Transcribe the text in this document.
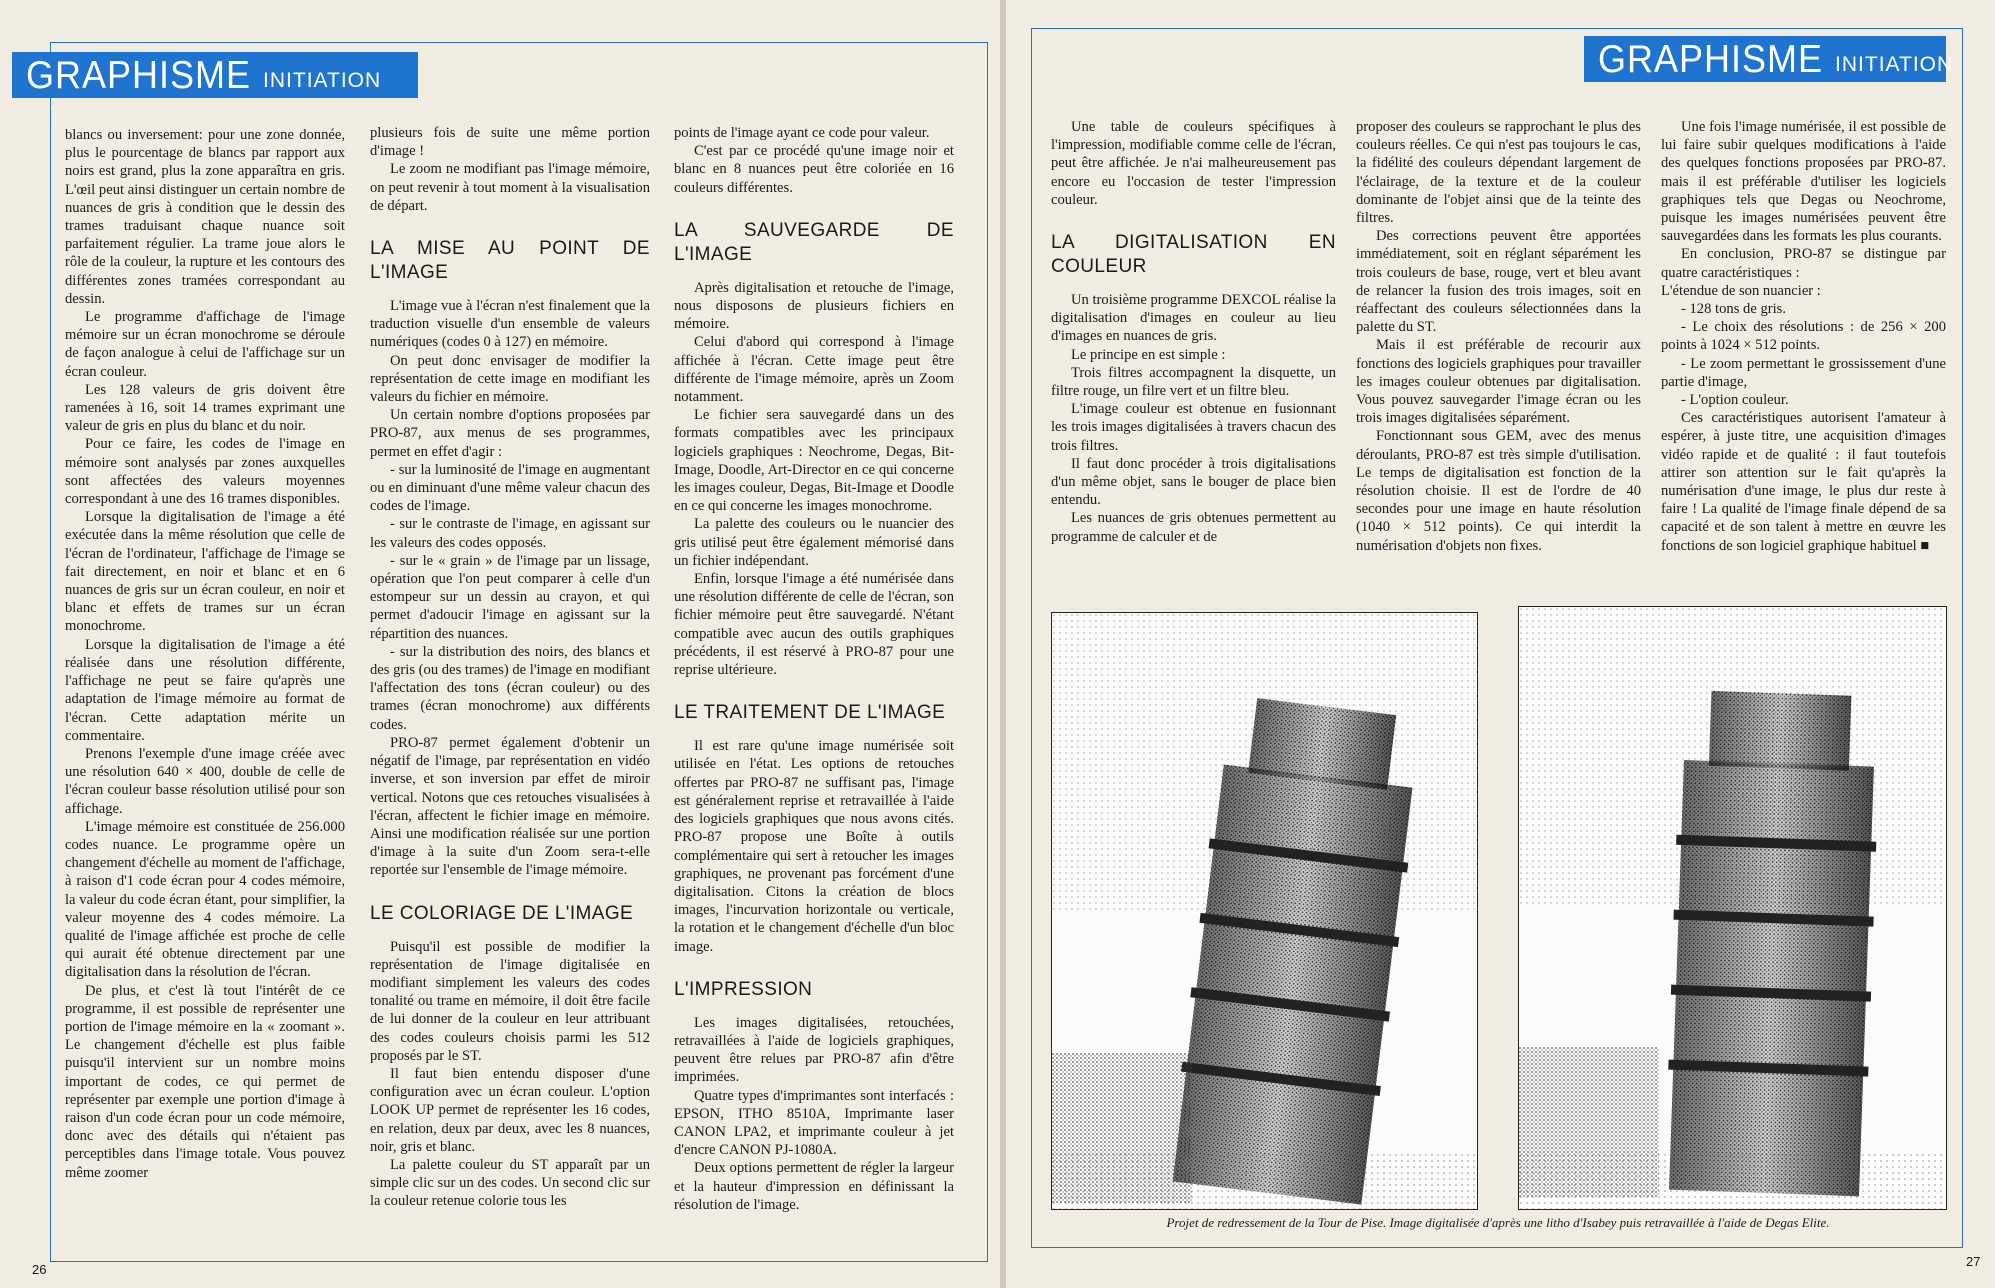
GRAPHISME INITIATION

blancs ou inversement: pour une zone donnée, plus le pourcentage de blancs par rapport aux noirs est grand, plus la zone apparaîtra en gris. L'œil peut ainsi distinguer un certain nombre de nuances de gris à condition que le dessin des trames traduisant chaque nuance soit parfaitement régulier. La trame joue alors le rôle de la couleur, la rupture et les contours des différentes zones tramées correspondant au dessin.

Le programme d'affichage de l'image mémoire sur un écran monochrome se déroule de façon analogue à celui de l'affichage sur un écran couleur.

Les 128 valeurs de gris doivent être ramenées à 16, soit 14 trames exprimant une valeur de gris en plus du blanc et du noir.

Pour ce faire, les codes de l'image en mémoire sont analysés par zones auxquelles sont affectées des valeurs moyennes correspondant à une des 16 trames disponibles.

Lorsque la digitalisation de l'image a été exécutée dans la même résolution que celle de l'écran de l'ordinateur, l'affichage de l'image se fait directement, en noir et blanc et en 6 nuances de gris sur un écran couleur, en noir et blanc et effets de trames sur un écran monochrome.

Lorsque la digitalisation de l'image a été réalisée dans une résolution différente, l'affichage ne peut se faire qu'après une adaptation de l'image mémoire au format de l'écran. Cette adaptation mérite un commentaire.

Prenons l'exemple d'une image créée avec une résolution 640 × 400, double de celle de l'écran couleur basse résolution utilisé pour son affichage.

L'image mémoire est constituée de 256.000 codes nuance. Le programme opère un changement d'échelle au moment de l'affichage, à raison d'1 code écran pour 4 codes mémoire, la valeur du code écran étant, pour simplifier, la valeur moyenne des 4 codes mémoire. La qualité de l'image affichée est proche de celle qui aurait été obtenue directement par une digitalisation dans la résolution de l'écran.

De plus, et c'est là tout l'intérêt de ce programme, il est possible de représenter une portion de l'image mémoire en la « zoomant ». Le changement d'échelle est plus faible puisqu'il intervient sur un nombre moins important de codes, ce qui permet de représenter par exemple une portion d'image à raison d'un code écran pour un code mémoire, donc avec des détails qui n'étaient pas perceptibles dans l'image totale. Vous pouvez même zoomer

plusieurs fois de suite une même portion d'image !

Le zoom ne modifiant pas l'image mémoire, on peut revenir à tout moment à la visualisation de départ.

LA MISE AU POINT DE L'IMAGE

L'image vue à l'écran n'est finalement que la traduction visuelle d'un ensemble de valeurs numériques (codes 0 à 127) en mémoire.

On peut donc envisager de modifier la représentation de cette image en modifiant les valeurs du fichier en mémoire.

Un certain nombre d'options proposées par PRO-87, aux menus de ses programmes, permet en effet d'agir :

- sur la luminosité de l'image en augmentant ou en diminuant d'une même valeur chacun des codes de l'image.

- sur le contraste de l'image, en agissant sur les valeurs des codes opposés.

- sur le « grain » de l'image par un lissage, opération que l'on peut comparer à celle d'un estompeur sur un dessin au crayon, et qui permet d'adoucir l'image en agissant sur la répartition des nuances.

- sur la distribution des noirs, des blancs et des gris (ou des trames) de l'image en modifiant l'affectation des tons (écran couleur) ou des trames (écran monochrome) aux différents codes.

PRO-87 permet également d'obtenir un négatif de l'image, par représentation en vidéo inverse, et son inversion par effet de miroir vertical. Notons que ces retouches visualisées à l'écran, affectent le fichier image en mémoire. Ainsi une modification réalisée sur une portion d'image à la suite d'un Zoom sera-t-elle reportée sur l'ensemble de l'image mémoire.

LE COLORIAGE DE L'IMAGE

Puisqu'il est possible de modifier la représentation de l'image digitalisée en modifiant simplement les valeurs des codes tonalité ou trame en mémoire, il doit être facile de lui donner de la couleur en leur attribuant des codes couleurs choisis parmi les 512 proposés par le ST.

Il faut bien entendu disposer d'une configuration avec un écran couleur. L'option LOOK UP permet de représenter les 16 codes, en relation, deux par deux, avec les 8 nuances, noir, gris et blanc.

La palette couleur du ST apparaît par un simple clic sur un des codes. Un second clic sur la couleur retenue colorie tous les

points de l'image ayant ce code pour valeur.

C'est par ce procédé qu'une image noir et blanc en 8 nuances peut être coloriée en 16 couleurs différentes.

LA SAUVEGARDE DE L'IMAGE

Après digitalisation et retouche de l'image, nous disposons de plusieurs fichiers en mémoire.

Celui d'abord qui correspond à l'image affichée à l'écran. Cette image peut être différente de l'image mémoire, après un Zoom notamment.

Le fichier sera sauvegardé dans un des formats compatibles avec les principaux logiciels graphiques : Neochrome, Degas, Bit-Image, Doodle, Art-Director en ce qui concerne les images couleur, Degas, Bit-Image et Doodle en ce qui concerne les images monochrome.

La palette des couleurs ou le nuancier des gris utilisé peut être également mémorisé dans un fichier indépendant.

Enfin, lorsque l'image a été numérisée dans une résolution différente de celle de l'écran, son fichier mémoire peut être sauvegardé. N'étant compatible avec aucun des outils graphiques précédents, il est réservé à PRO-87 pour une reprise ultérieure.

LE TRAITEMENT DE L'IMAGE

Il est rare qu'une image numérisée soit utilisée en l'état. Les options de retouches offertes par PRO-87 ne suffisant pas, l'image est généralement reprise et retravaillée à l'aide des logiciels graphiques que nous avons cités. PRO-87 propose une Boîte à outils complémentaire qui sert à retoucher les images graphiques, ne provenant pas forcément d'une digitalisation. Citons la création de blocs images, l'incurvation horizontale ou verticale, la rotation et le changement d'échelle d'un bloc image.

L'IMPRESSION

Les images digitalisées, retouchées, retravaillées à l'aide de logiciels graphiques, peuvent être relues par PRO-87 afin d'être imprimées.

Quatre types d'imprimantes sont interfacés : EPSON, ITHO 8510A, Imprimante laser CANON LPA2, et imprimante couleur à jet d'encre CANON PJ-1080A.

Deux options permettent de régler la largeur et la hauteur d'impression en définissant la résolution de l'image.

26
GRAPHISME INITIATION

Une table de couleurs spécifiques à l'impression, modifiable comme celle de l'écran, peut être affichée. Je n'ai malheureusement pas encore eu l'occasion de tester l'impression couleur.

LA DIGITALISATION EN COULEUR

Un troisième programme DEXCOL réalise la digitalisation d'images en couleur au lieu d'images en nuances de gris.

Le principe en est simple :

Trois filtres accompagnent la disquette, un filtre rouge, un filre vert et un filtre bleu.

L'image couleur est obtenue en fusionnant les trois images digitalisées à travers chacun des trois filtres.

Il faut donc procéder à trois digitalisations d'un même objet, sans le bouger de place bien entendu.

Les nuances de gris obtenues permettent au programme de calculer et de

proposer des couleurs se rapprochant le plus des couleurs réelles. Ce qui n'est pas toujours le cas, la fidélité des couleurs dépendant largement de l'éclairage, de la texture et de la couleur dominante de l'objet ainsi que de la teinte des filtres.

Des corrections peuvent être apportées immédiatement, soit en réglant séparément les trois couleurs de base, rouge, vert et bleu avant de relancer la fusion des trois images, soit en réaffectant des couleurs sélectionnées dans la palette du ST.

Mais il est préférable de recourir aux fonctions des logiciels graphiques pour travailler les images couleur obtenues par digitalisation. Vous pouvez sauvegarder l'image écran ou les trois images digitalisées séparément.

Fonctionnant sous GEM, avec des menus déroulants, PRO-87 est très simple d'utilisation. Le temps de digitalisation est fonction de la résolution choisie. Il est de l'ordre de 40 secondes pour une image en haute résolution (1040 × 512 points). Ce qui interdit la numérisation d'objets non fixes.

Une fois l'image numérisée, il est possible de lui faire subir quelques modifications à l'aide des quelques fonctions proposées par PRO-87. mais il est préférable d'utiliser les logiciels graphiques tels que Degas ou Neochrome, puisque les images numérisées peuvent être sauvegardées dans les formats les plus courants.

En conclusion, PRO-87 se distingue par quatre caractéristiques :

L'étendue de son nuancier :

- 128 tons de gris.
- Le choix des résolutions : de 256 × 200 points à 1024 × 512 points.
- Le zoom permettant le grossissement d'une partie d'image,
- L'option couleur.

Ces caractéristiques autorisent l'amateur à espérer, à juste titre, une acquisition d'images vidéo rapide et de qualité : il faut toutefois attirer son attention sur le fait qu'après la numérisation d'une image, le plus dur reste à faire ! La qualité de l'image finale dépend de sa capacité et de son talent à mettre en œuvre les fonctions de son logiciel graphique habituel ■

Projet de redressement de la Tour de Pise. Image digitalisée d'après une litho d'Isabey puis retravaillée à l'aide de Degas Elite.
27
